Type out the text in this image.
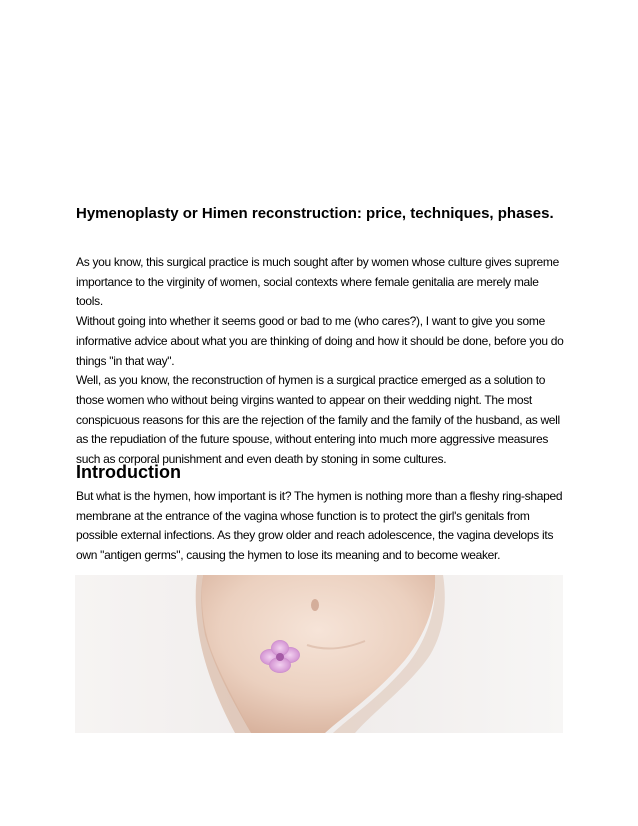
Hymenoplasty or Himen reconstruction: price, techniques, phases.

As you know, this surgical practice is much sought after by women whose culture gives supreme importance to the virginity of women, social contexts where female genitalia are merely male tools.

Without going into whether it seems good or bad to me (who cares?), I want to give you some informative advice about what you are thinking of doing and how it should be done, before you do things "in that way".

Well, as you know, the reconstruction of hymen is a surgical practice emerged as a solution to those women who without being virgins wanted to appear on their wedding night. The most conspicuous reasons for this are the rejection of the family and the family of the husband, as well as the repudiation of the future spouse, without entering into much more aggressive measures such as corporal punishment and even death by stoning in some cultures.

Introduction

But what is the hymen, how important is it? The hymen is nothing more than a fleshy ring-shaped membrane at the entrance of the vagina whose function is to protect the girl's genitals from possible external infections. As they grow older and reach adolescence, the vagina develops its own "antigen germs", causing the hymen to lose its meaning and to become weaker.
